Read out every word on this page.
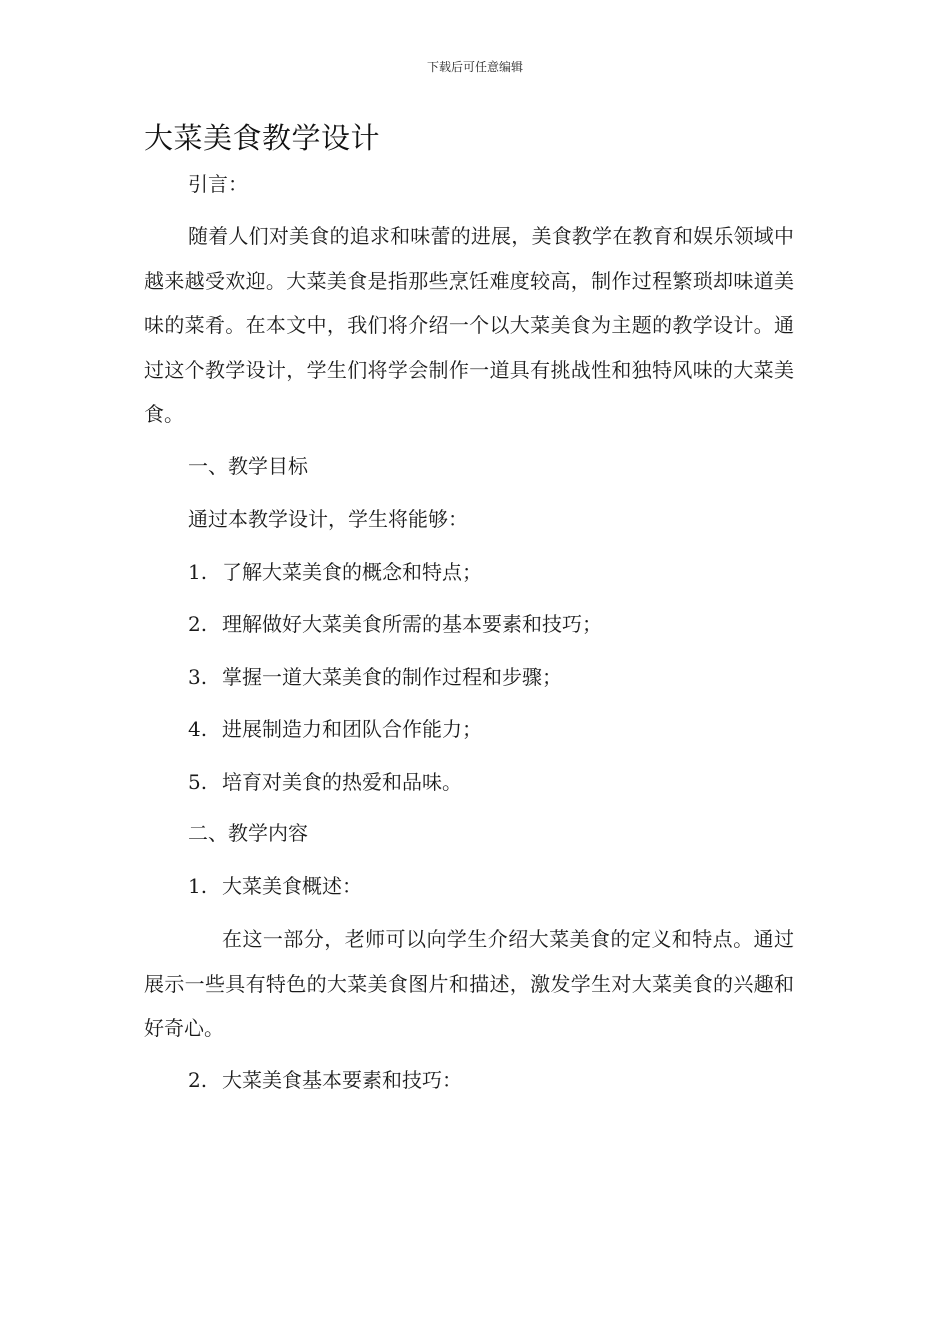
下载后可任意编辑
大菜美食教学设计
引言：

随着人们对美食的追求和味蕾的进展，美食教学在教育和娱乐领域中越来越受欢迎。大菜美食是指那些烹饪难度较高，制作过程繁琐却味道美味的菜肴。在本文中，我们将介绍一个以大菜美食为主题的教学设计。通过这个教学设计，学生们将学会制作一道具有挑战性和独特风味的大菜美食。

一、教学目标
通过本教学设计，学生将能够：
1. 了解大菜美食的概念和特点；
2. 理解做好大菜美食所需的基本要素和技巧；
3. 掌握一道大菜美食的制作过程和步骤；
4. 进展制造力和团队合作能力；
5. 培育对美食的热爱和品味。
二、教学内容
1. 大菜美食概述：

在这一部分，老师可以向学生介绍大菜美食的定义和特点。通过展示一些具有特色的大菜美食图片和描述，激发学生对大菜美食的兴趣和好奇心。

2. 大菜美食基本要素和技巧：
